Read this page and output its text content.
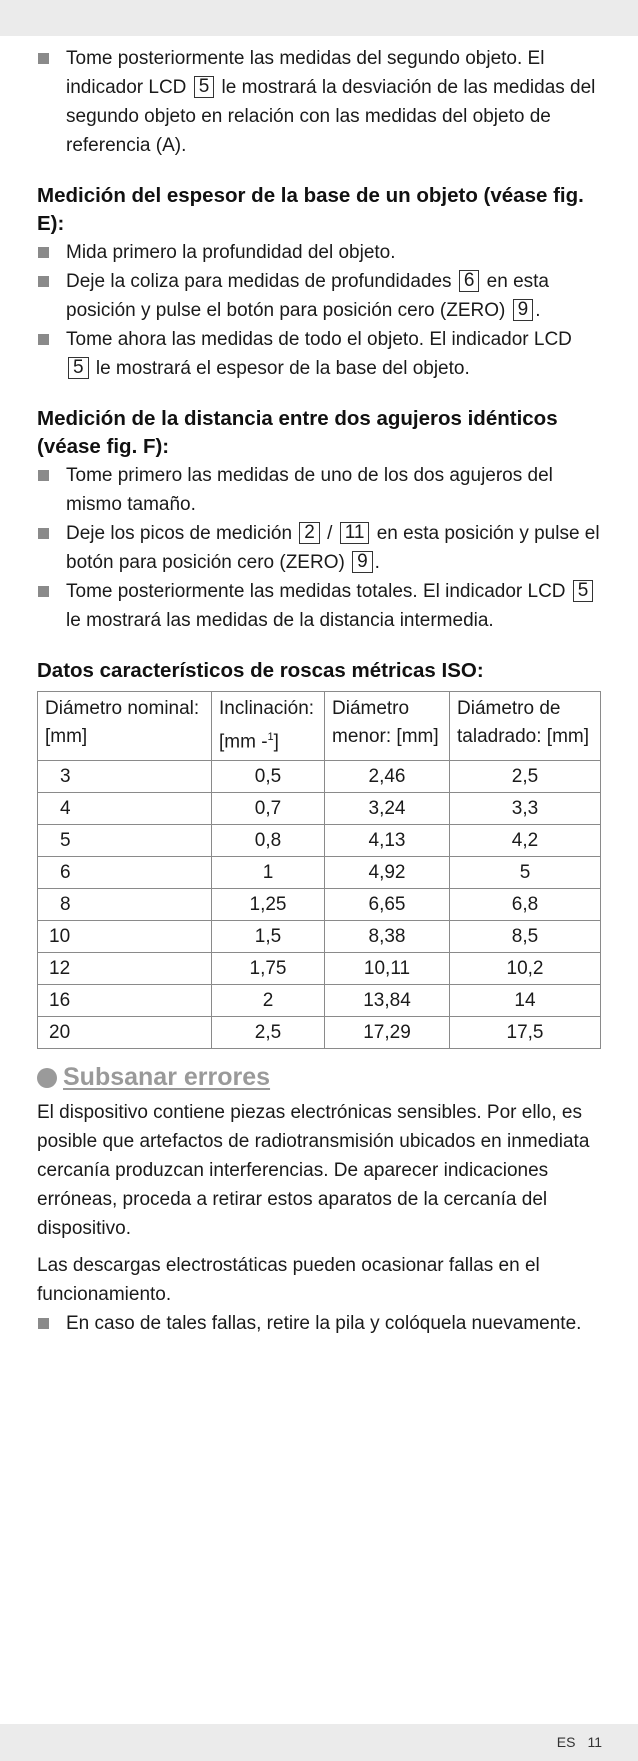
Tome posteriormente las medidas del segundo objeto. El indicador LCD 5 le mostrará la desviación de las medidas del segundo objeto en relación con las medidas del objeto de referencia (A).
Medición del espesor de la base de un objeto (véase fig. E):
Mida primero la profundidad del objeto.
Deje la coliza para medidas de profundidades 6 en esta posición y pulse el botón para posición cero (ZERO) 9 .
Tome ahora las medidas de todo el objeto. El indicador LCD 5 le mostrará el espesor de la base del objeto.
Medición de la distancia entre dos agujeros idénticos (véase fig. F):
Tome primero las medidas de uno de los dos agujeros del mismo tamaño.
Deje los picos de medición 2 / 11 en esta posición y pulse el botón para posición cero (ZERO) 9 .
Tome posteriormente las medidas totales. El indicador LCD 5 le mostrará las medidas de la distancia intermedia.
Datos característicos de roscas métricas ISO:
Diámetro nominal: [mm]	Inclinación: [mm -$^1$]	Diámetro menor: [mm]	Diámetro de taladrado: [mm]
3	0,5	2,46	2,5
4	0,7	3,24	3,3
5	0,8	4,13	4,2
6	1	4,92	5
8	1,25	6,65	6,8
10	1,5	8,38	8,5
12	1,75	10,11	10,2
16	2	13,84	14
20	2,5	17,29	17,5
Subsanar errores
El dispositivo contiene piezas electrónicas sensibles. Por ello, es posible que artefactos de radiotransmisión ubicados en inmediata cercanía produzcan interferencias. De aparecer indicaciones erróneas, proceda a retirar estos aparatos de la cercanía del dispositivo.
Las descargas electrostáticas pueden ocasionar fallas en el funcionamiento.
En caso de tales fallas, retire la pila y colóquela nuevamente.
ES 11
